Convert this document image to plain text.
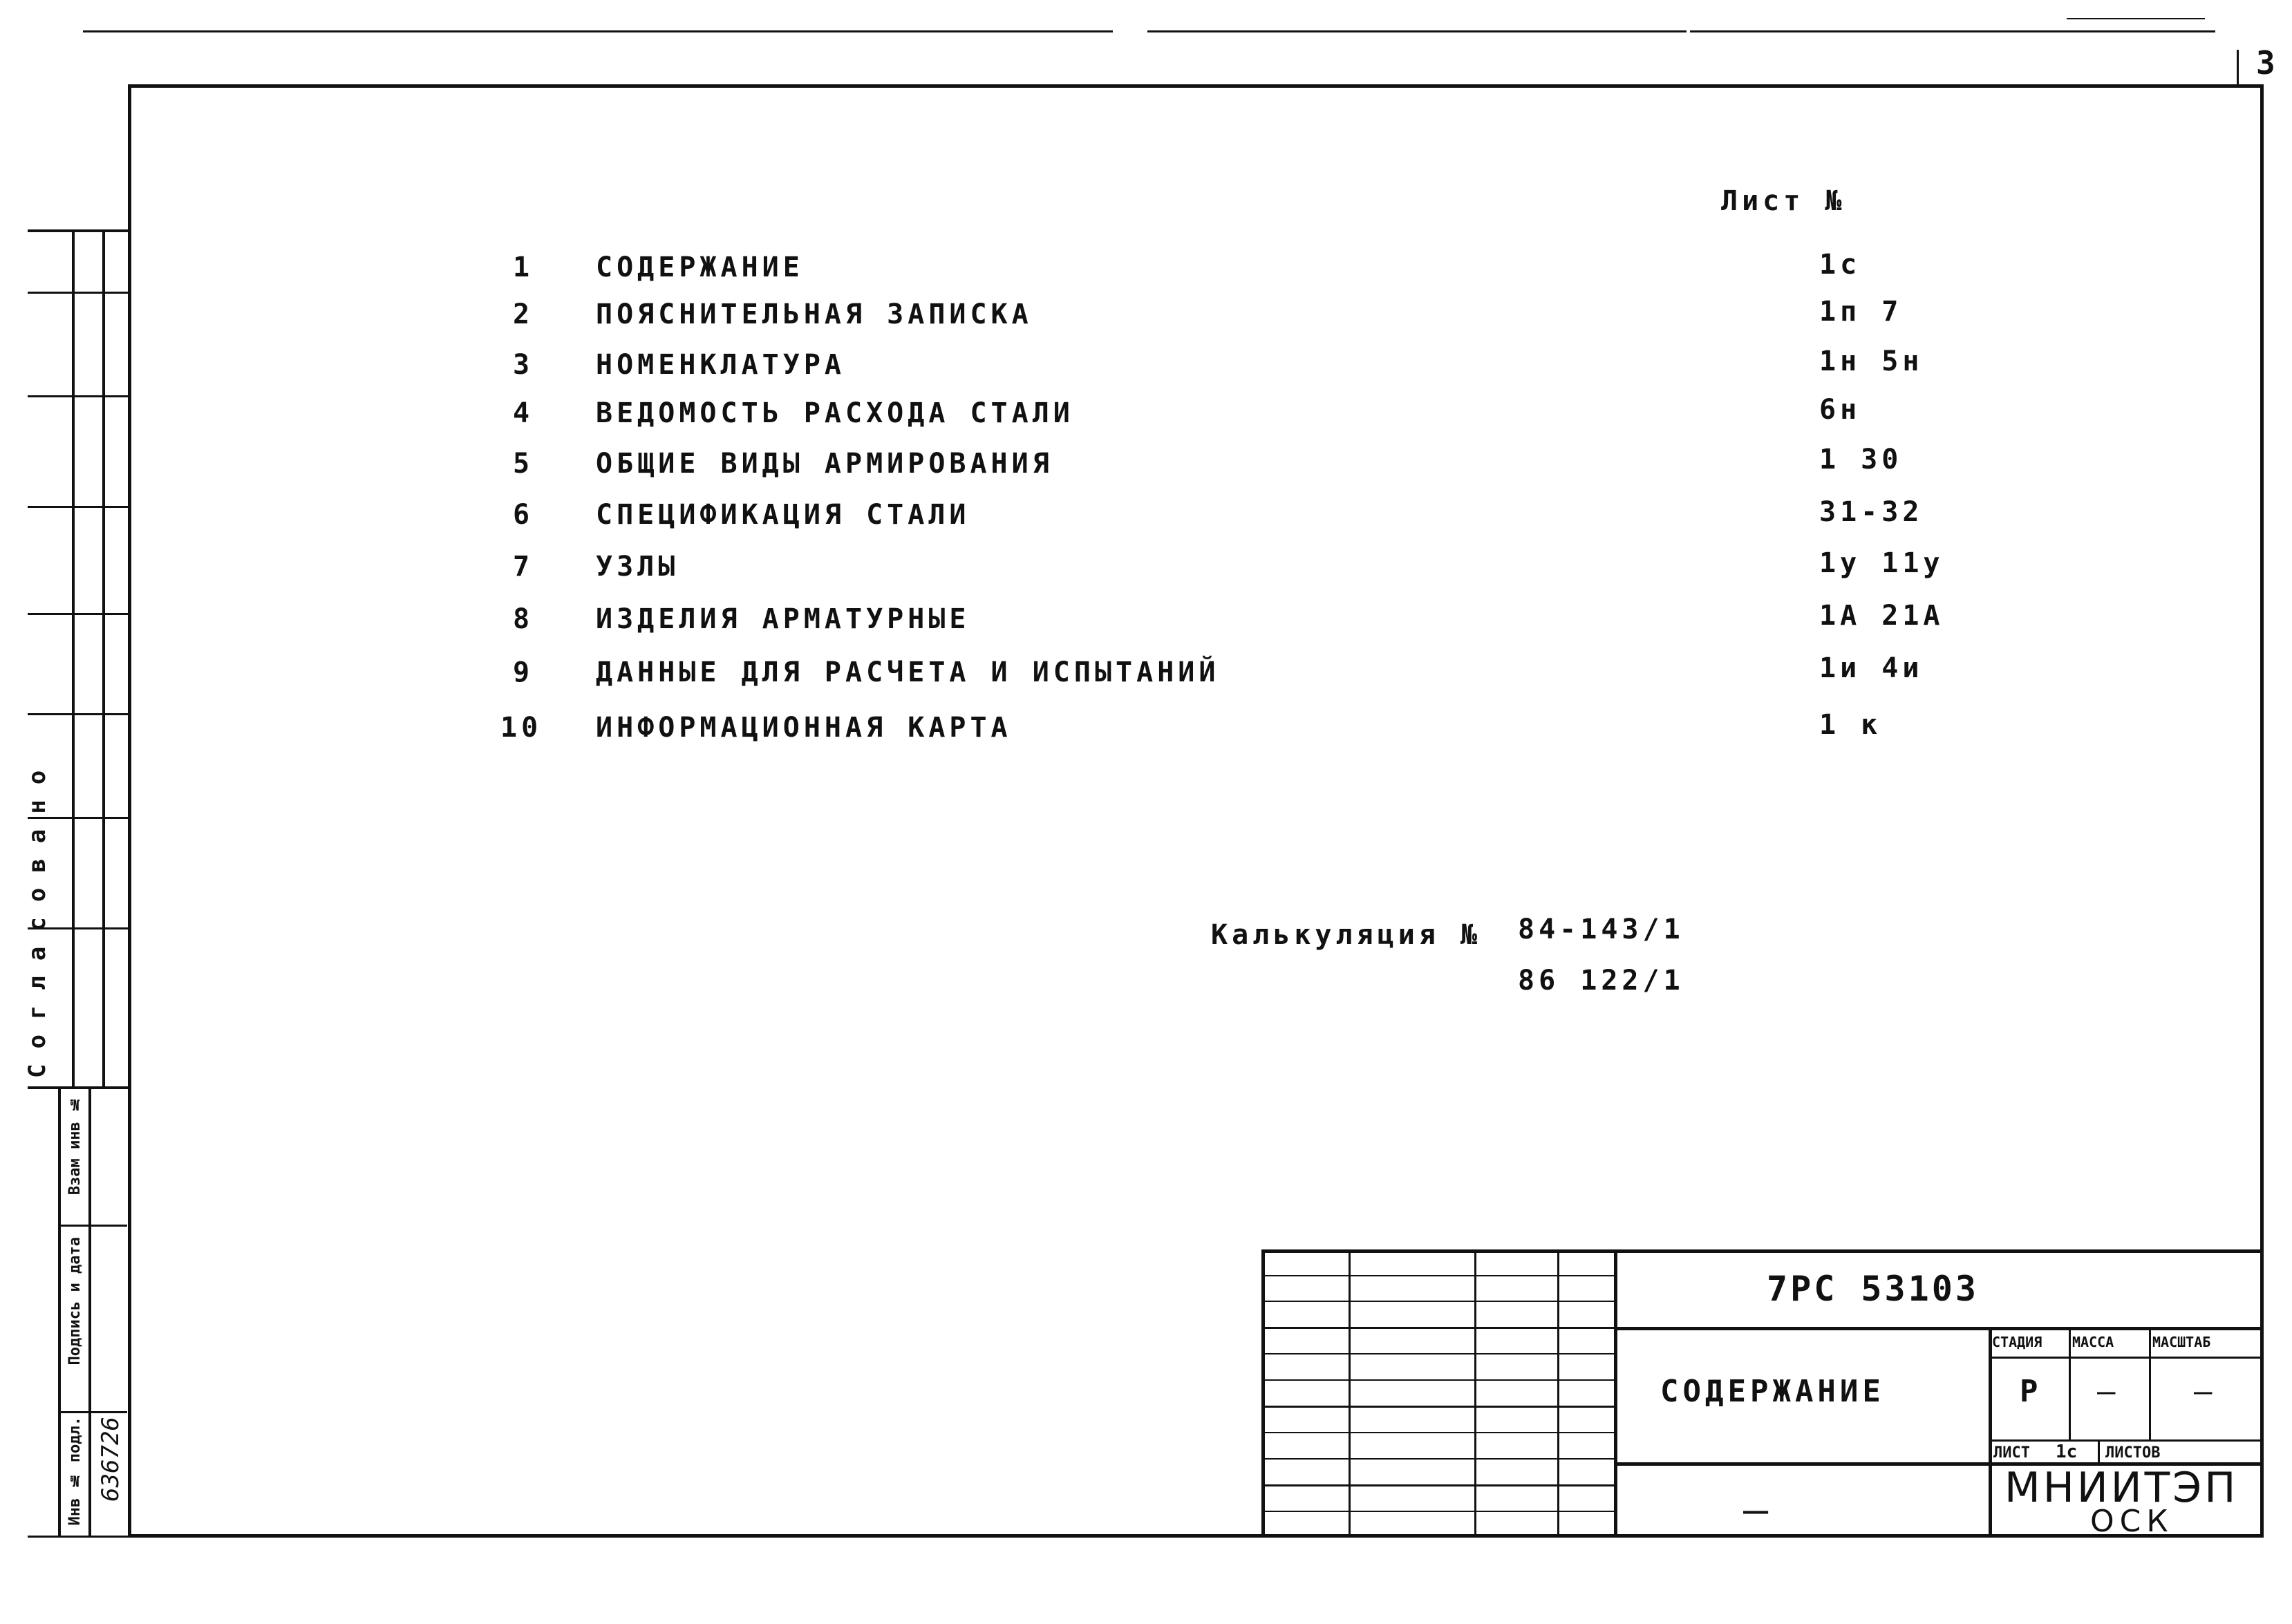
3
Лист №
1 СОДЕРЖАНИЕ	1с
2 ПОЯСНИТЕЛЬНАЯ ЗАПИСКА	1п 7
3 НОМЕНКЛАТУРА	1н 5н
4 ВЕДОМОСТЬ РАСХОДА СТАЛИ	6н
5 ОБЩИЕ ВИДЫ АРМИРОВАНИЯ	1 30
6 СПЕЦИФИКАЦИЯ СТАЛИ	31-32
7 УЗЛЫ	1у 11у
8 ИЗДЕЛИЯ АРМАТУРНЫЕ	1А 21А
9 ДАННЫЕ ДЛЯ РАСЧЕТА И ИСПЫТАНИЙ	1и 4и
10 ИНФОРМАЦИОННАЯ КАРТА	1 к
Калькуляция № 84-143/1
86 122/1
Согласовано
Взам инв №
Подпись и дата
Инв № подл. 636726
7РС 53103
СОДЕРЖАНИЕ
—
СТАДИЯ МАССА	МАСШТАБ
Р —	—
ЛИСТ 1с ЛИСТОВ
МНИИТЭП
ОСК
